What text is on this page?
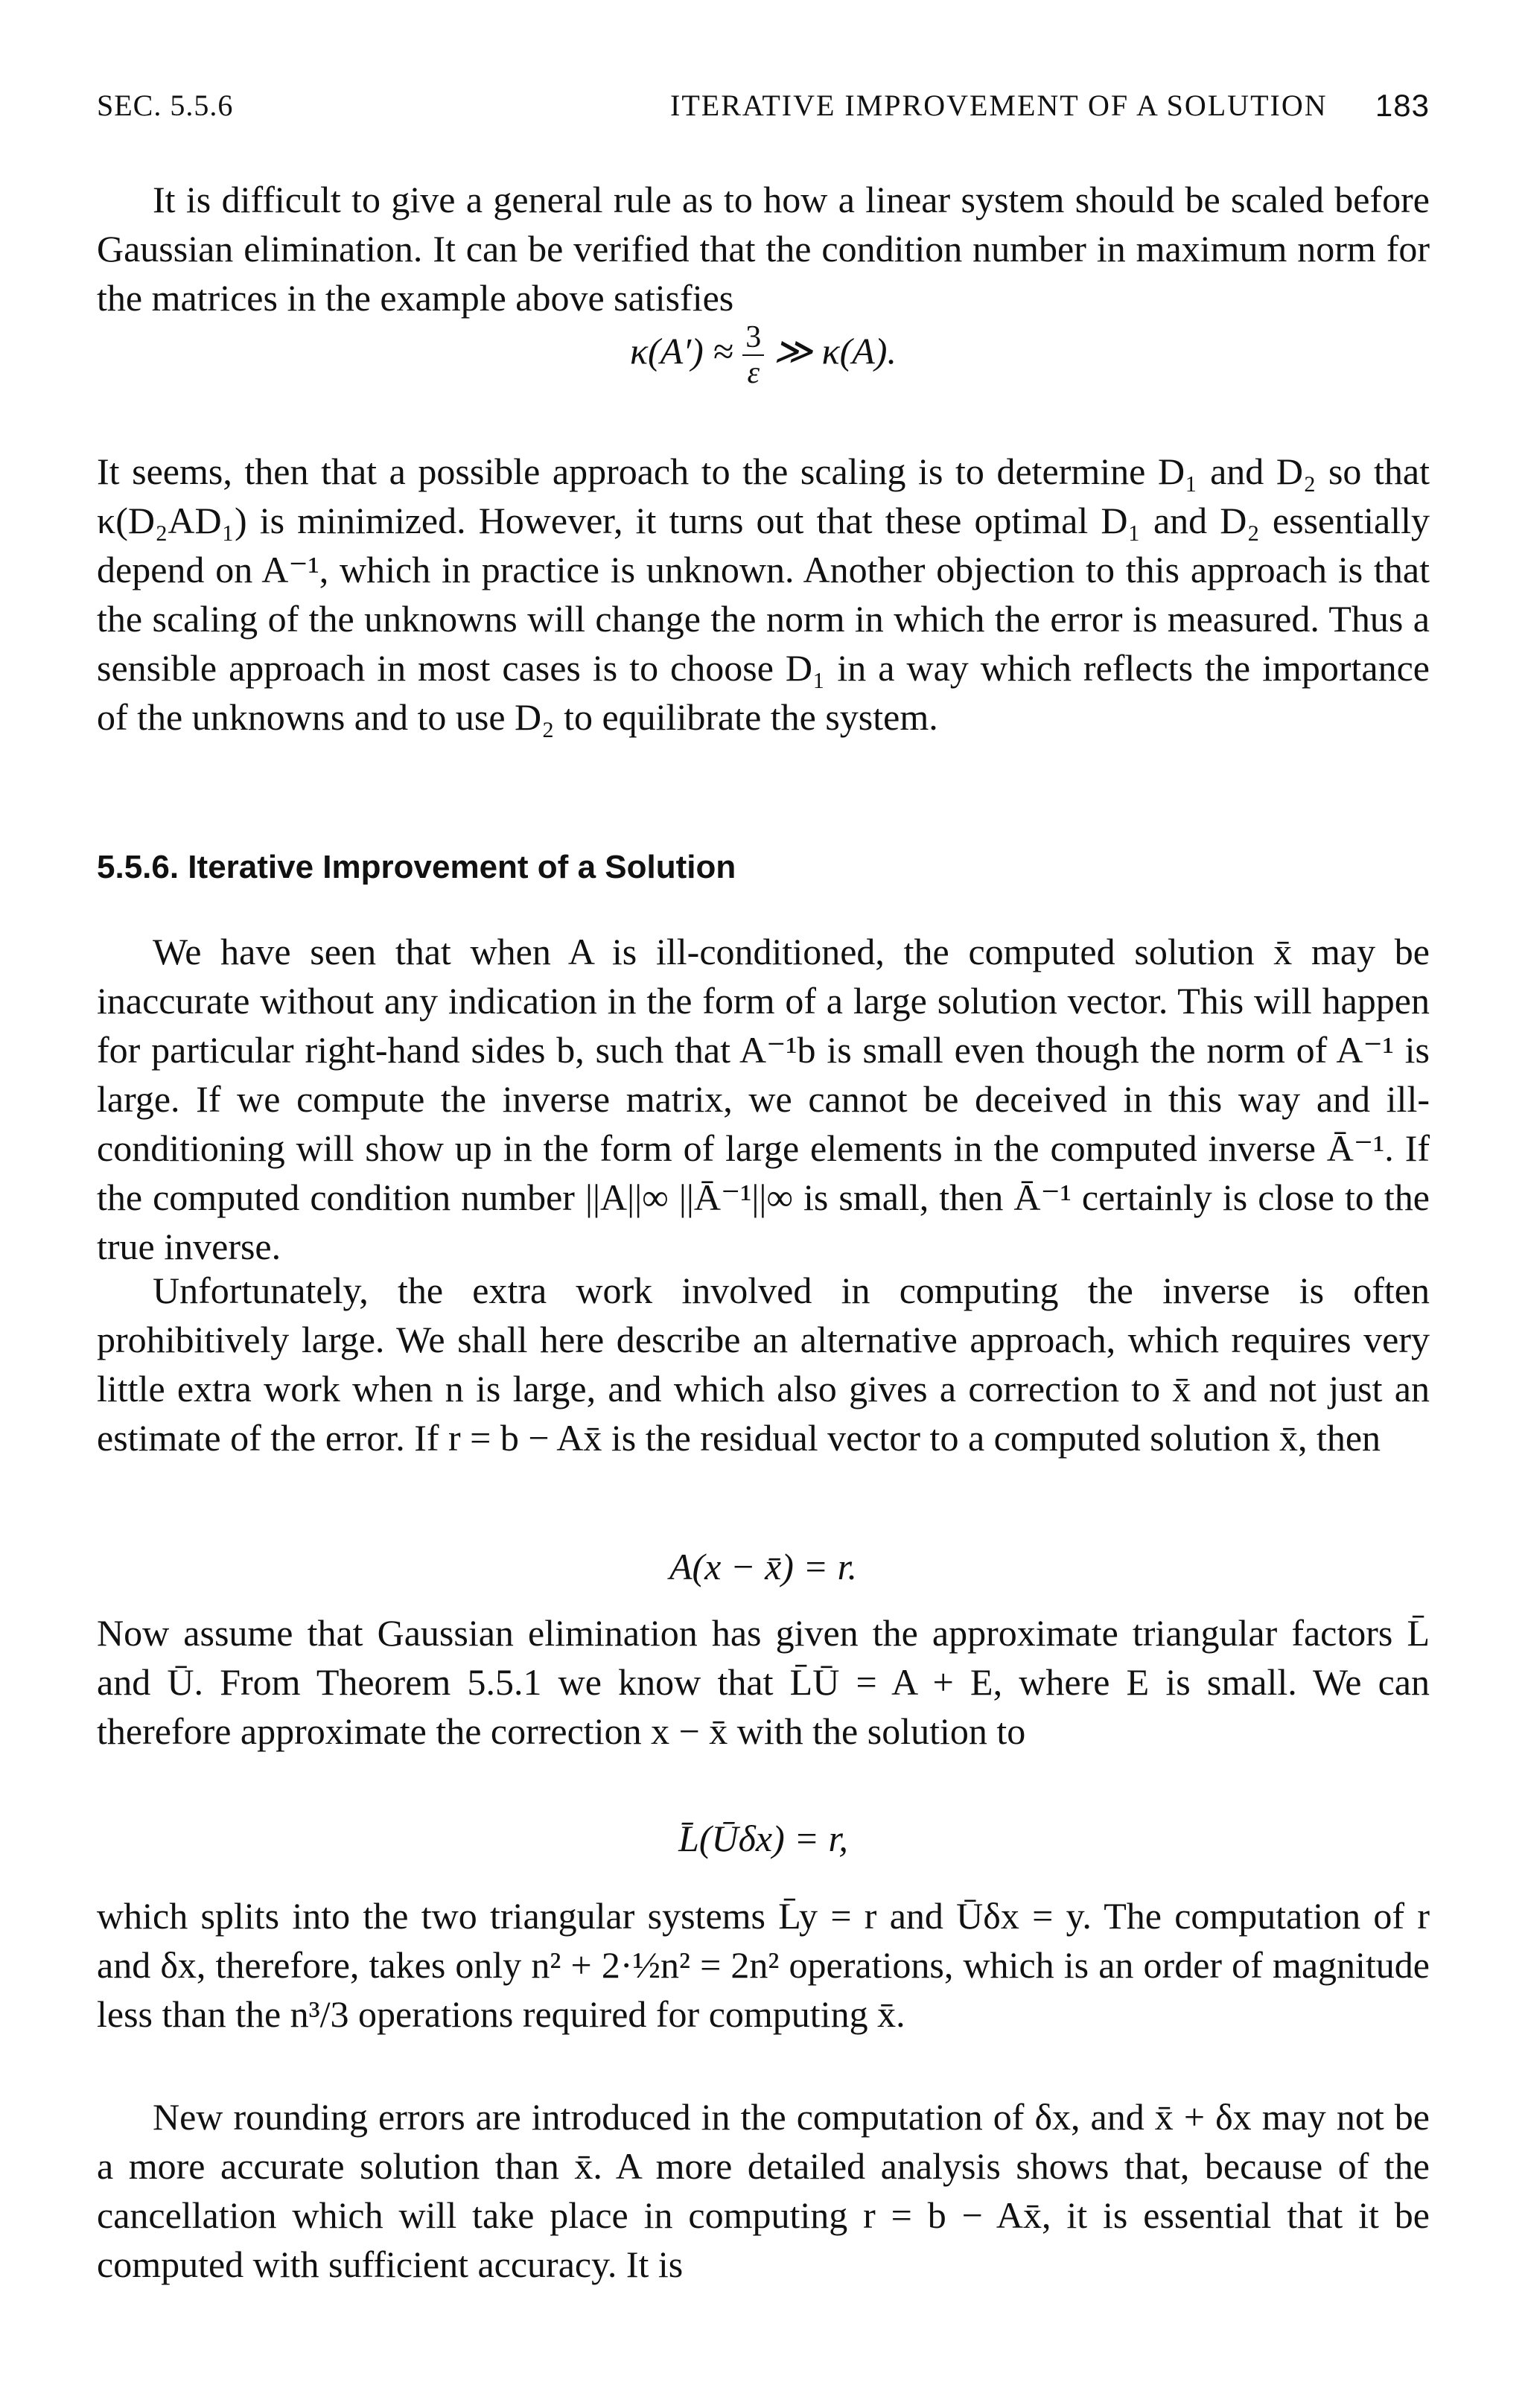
SEC. 5.5.6	ITERATIVE IMPROVEMENT OF A SOLUTION 183

It is difficult to give a general rule as to how a linear system should be scaled before Gaussian elimination. It can be verified that the condition number in maximum norm for the matrices in the example above satisfies

$\kappa(A') \approx \frac{3}{\varepsilon}$ ≫ κ(A).

It seems, then that a possible approach to the scaling is to determine D₁ and D₂ so that κ(D₂AD₁) is minimized. However, it turns out that these optimal D₁ and D₂ essentially depend on A⁻¹, which in practice is unknown. Another objection to this approach is that the scaling of the unknowns will change the norm in which the error is measured. Thus a sensible approach in most cases is to choose D₁ in a way which reflects the importance of the unknowns and to use D₂ to equilibrate the system.

5.5.6. Iterative Improvement of a Solution

We have seen that when A is ill-conditioned, the computed solution x̄ may be inaccurate without any indication in the form of a large solution vector. This will happen for particular right-hand sides b, such that A⁻¹b is small even though the norm of A⁻¹ is large. If we compute the inverse matrix, we cannot be deceived in this way and ill-conditioning will show up in the form of large elements in the computed inverse Ā⁻¹. If the computed condition number ||A||∞ ||Ā⁻¹||∞ is small, then Ā⁻¹ certainly is close to the true inverse.

Unfortunately, the extra work involved in computing the inverse is often prohibitively large. We shall here describe an alternative approach, which requires very little extra work when n is large, and which also gives a correction to x̄ and not just an estimate of the error. If r = b − Ax̄ is the residual vector to a computed solution x̄, then

A(x − x̄) = r.

Now assume that Gaussian elimination has given the approximate triangular factors L̄ and Ū. From Theorem 5.5.1 we know that L̄Ū = A + E, where E is small. We can therefore approximate the correction x − x̄ with the solution to

L̄(Ūδx) = r,

which splits into the two triangular systems L̄y = r and Ūδx = y. The computation of r and δx, therefore, takes only n² + 2·½n² = 2n² operations, which is an order of magnitude less than the n³/3 operations required for computing x̄.

New rounding errors are introduced in the computation of δx, and x̄ + δx may not be a more accurate solution than x̄. A more detailed analysis shows that, because of the cancellation which will take place in computing r = b − Ax̄, it is essential that it be computed with sufficient accuracy. It is
